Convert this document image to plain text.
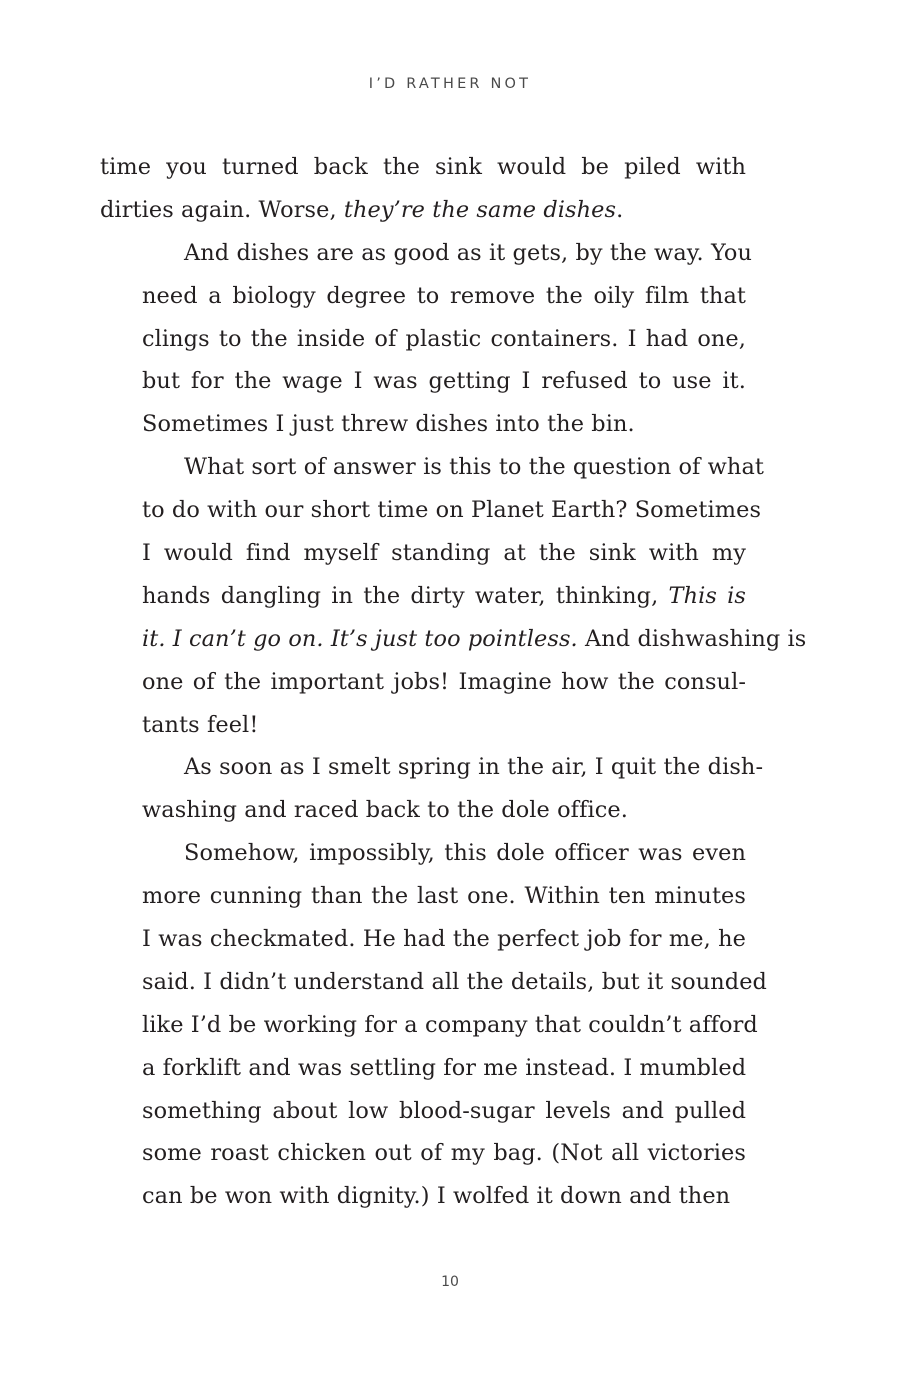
I’D RATHER NOT

time you turned back the sink would be piled with
dirties again. Worse, they’re the same dishes.

And dishes are as good as it gets, by the way. You
need a biology degree to remove the oily film that
clings to the inside of plastic containers. I had one,
but for the wage I was getting I refused to use it.
Sometimes I just threw dishes into the bin.

What sort of answer is this to the question of what
to do with our short time on Planet Earth? Sometimes
I would find myself standing at the sink with my
hands dangling in the dirty water, thinking, This is
it. I can’t go on. It’s just too pointless. And dishwashing is
one of the important jobs! Imagine how the consul-
tants feel!

As soon as I smelt spring in the air, I quit the dish-
washing and raced back to the dole office.

Somehow, impossibly, this dole officer was even
more cunning than the last one. Within ten minutes
I was checkmated. He had the perfect job for me, he
said. I didn’t understand all the details, but it sounded
like I’d be working for a company that couldn’t afford
a forklift and was settling for me instead. I mumbled
something about low blood-sugar levels and pulled
some roast chicken out of my bag. (Not all victories
can be won with dignity.) I wolfed it down and then

10
